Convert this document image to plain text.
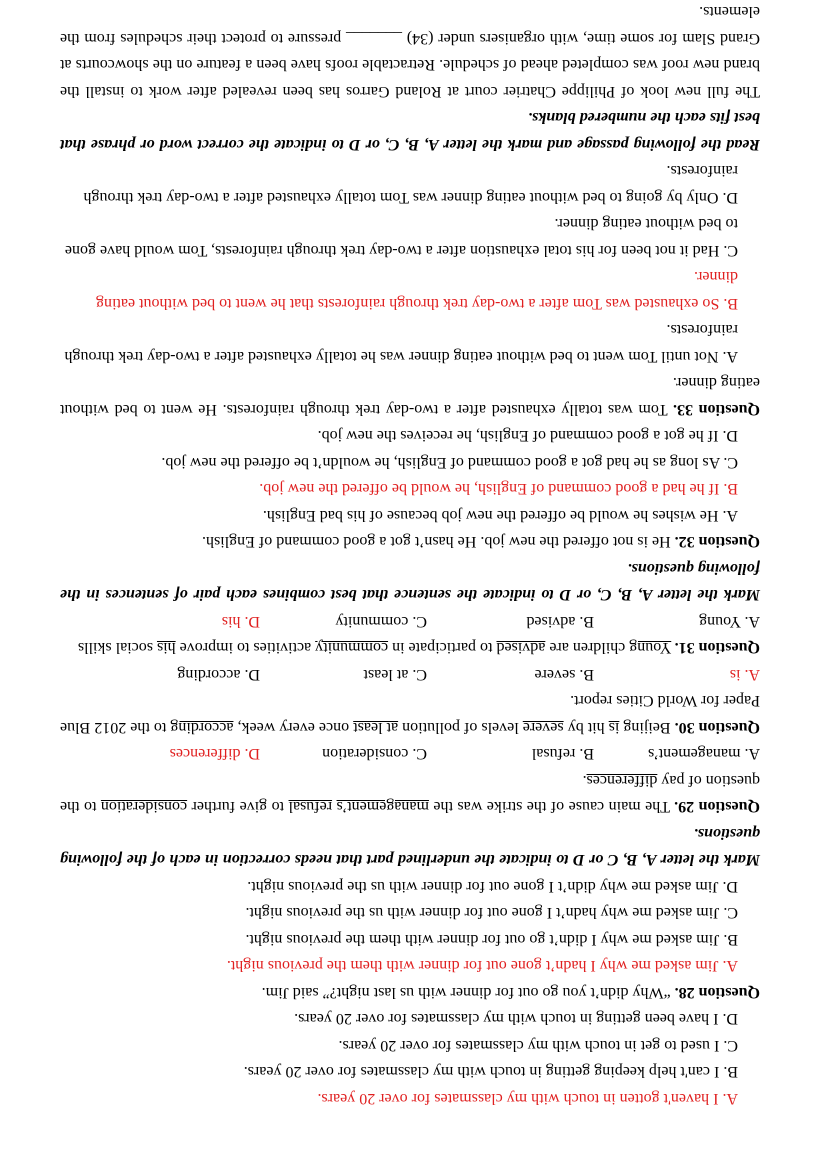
A. I haven't gotten in touch with my classmates for over 20 years.

B. I can't help keeping getting in touch with my classmates for over 20 years.

C. I used to get in touch with my classmates for over 20 years.

D. I have been getting in touch with my classmates for over 20 years.

Question 28. “Why didn’t you go out for dinner with us last night?” said Jim.

A. Jim asked me why I hadn’t gone out for dinner with them the previous night.

B. Jim asked me why I didn’t go out for dinner with them the previous night.

C. Jim asked me why hadn’t I gone out for dinner with us the previous night.

D. Jim asked me why didn’t I gone out for dinner with us the previous night.

Mark the letter A, B, C or D to indicate the underlined part that needs correction in each of the following questions.

Question 29. The main cause of the strike was the management’s refusal to give further consideration to the question of pay differences.

A. management’s
B. refusal
C. consideration
D. differences

Question 30. Beijing is hit by severe levels of pollution at least once every week, according to the 2012 Blue Paper for World Cities report.

A. is
B. severe
C. at least
D. according

Question 31. Young children are advised to participate in community activities to improve his social skills

A. Young
B. advised
C. community
D. his

Mark the letter A, B, C, or D to indicate the sentence that best combines each pair of sentences in the following questions.

Question 32. He is not offered the new job. He hasn’t got a good command of English.

A. He wishes he would be offered the new job because of his bad English.

B. If he had a good command of English, he would be offered the new job.

C. As long as he had got a good command of English, he wouldn’t be offered the new job.

D. If he got a good command of English, he receives the new job.

Question 33. Tom was totally exhausted after a two-day trek through rainforests. He went to bed without eating dinner.

A. Not until Tom went to bed without eating dinner was he totally exhausted after a two-day trek through rainforests.

B. So exhausted was Tom after a two-day trek through rainforests that he went to bed without eating dinner.

C. Had it not been for his total exhaustion after a two-day trek through rainforests, Tom would have gone to bed without eating dinner.

D. Only by going to bed without eating dinner was Tom totally exhausted after a two-day trek through rainforests.

Read the following passage and mark the letter A, B, C, or D to indicate the correct word or phrase that best fits each the numbered blanks.

The full new look of Philippe Chatrier court at Roland Garros has been revealed after work to install the brand new roof was completed ahead of schedule. Retractable roofs have been a feature on the showcourts at Grand Slam for some time, with organisers under (34) _______ pressure to protect their schedules from the elements.
